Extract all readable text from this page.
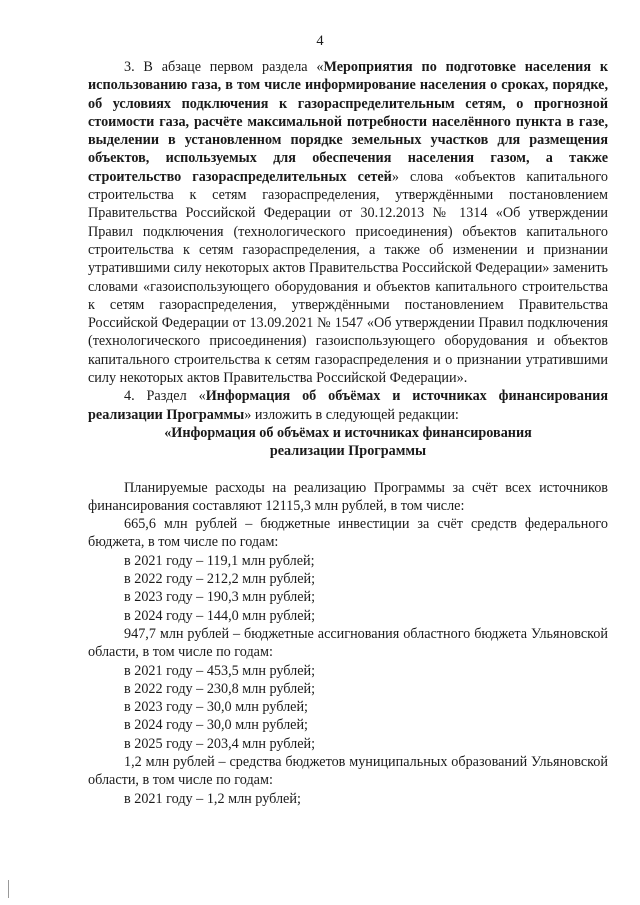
4

3. В абзаце первом раздела «Мероприятия по подготовке населения к использованию газа, в том числе информирование населения о сроках, порядке, об условиях подключения к газораспределительным сетям, о прогнозной стоимости газа, расчёте максимальной потребности населённого пункта в газе, выделении в установленном порядке земельных участков для размещения объектов, используемых для обеспечения населения газом, а также строительство газораспределительных сетей» слова «объектов капитального строительства к сетям газораспределения, утверждёнными постановлением Правительства Российской Федерации от 30.12.2013 № 1314 «Об утверждении Правил подключения (технологического присоединения) объектов капитального строительства к сетям газораспределения, а также об изменении и признании утратившими силу некоторых актов Правительства Российской Федерации» заменить словами «газоиспользующего оборудования и объектов капитального строительства к сетям газораспределения, утверждёнными постановлением Правительства Российской Федерации от 13.09.2021 № 1547 «Об утверждении Правил подключения (технологического присоединения) газоиспользующего оборудования и объектов капитального строительства к сетям газораспределения и о признании утратившими силу некоторых актов Правительства Российской Федерации».

4. Раздел «Информация об объёмах и источниках финансирования реализации Программы» изложить в следующей редакции:

«Информация об объёмах и источниках финансирования

реализации Программы

Планируемые расходы на реализацию Программы за счёт всех источников финансирования составляют 12115,3 млн рублей, в том числе:

665,6 млн рублей – бюджетные инвестиции за счёт средств федерального бюджета, в том числе по годам:

в 2021 году – 119,1 млн рублей;

в 2022 году – 212,2 млн рублей;

в 2023 году – 190,3 млн рублей;

в 2024 году – 144,0 млн рублей;

947,7 млн рублей – бюджетные ассигнования областного бюджета Ульяновской области, в том числе по годам:

в 2021 году – 453,5 млн рублей;

в 2022 году – 230,8 млн рублей;

в 2023 году – 30,0 млн рублей;

в 2024 году – 30,0 млн рублей;

в 2025 году – 203,4 млн рублей;

1,2 млн рублей – средства бюджетов муниципальных образований Ульяновской области, в том числе по годам:

в 2021 году – 1,2 млн рублей;
